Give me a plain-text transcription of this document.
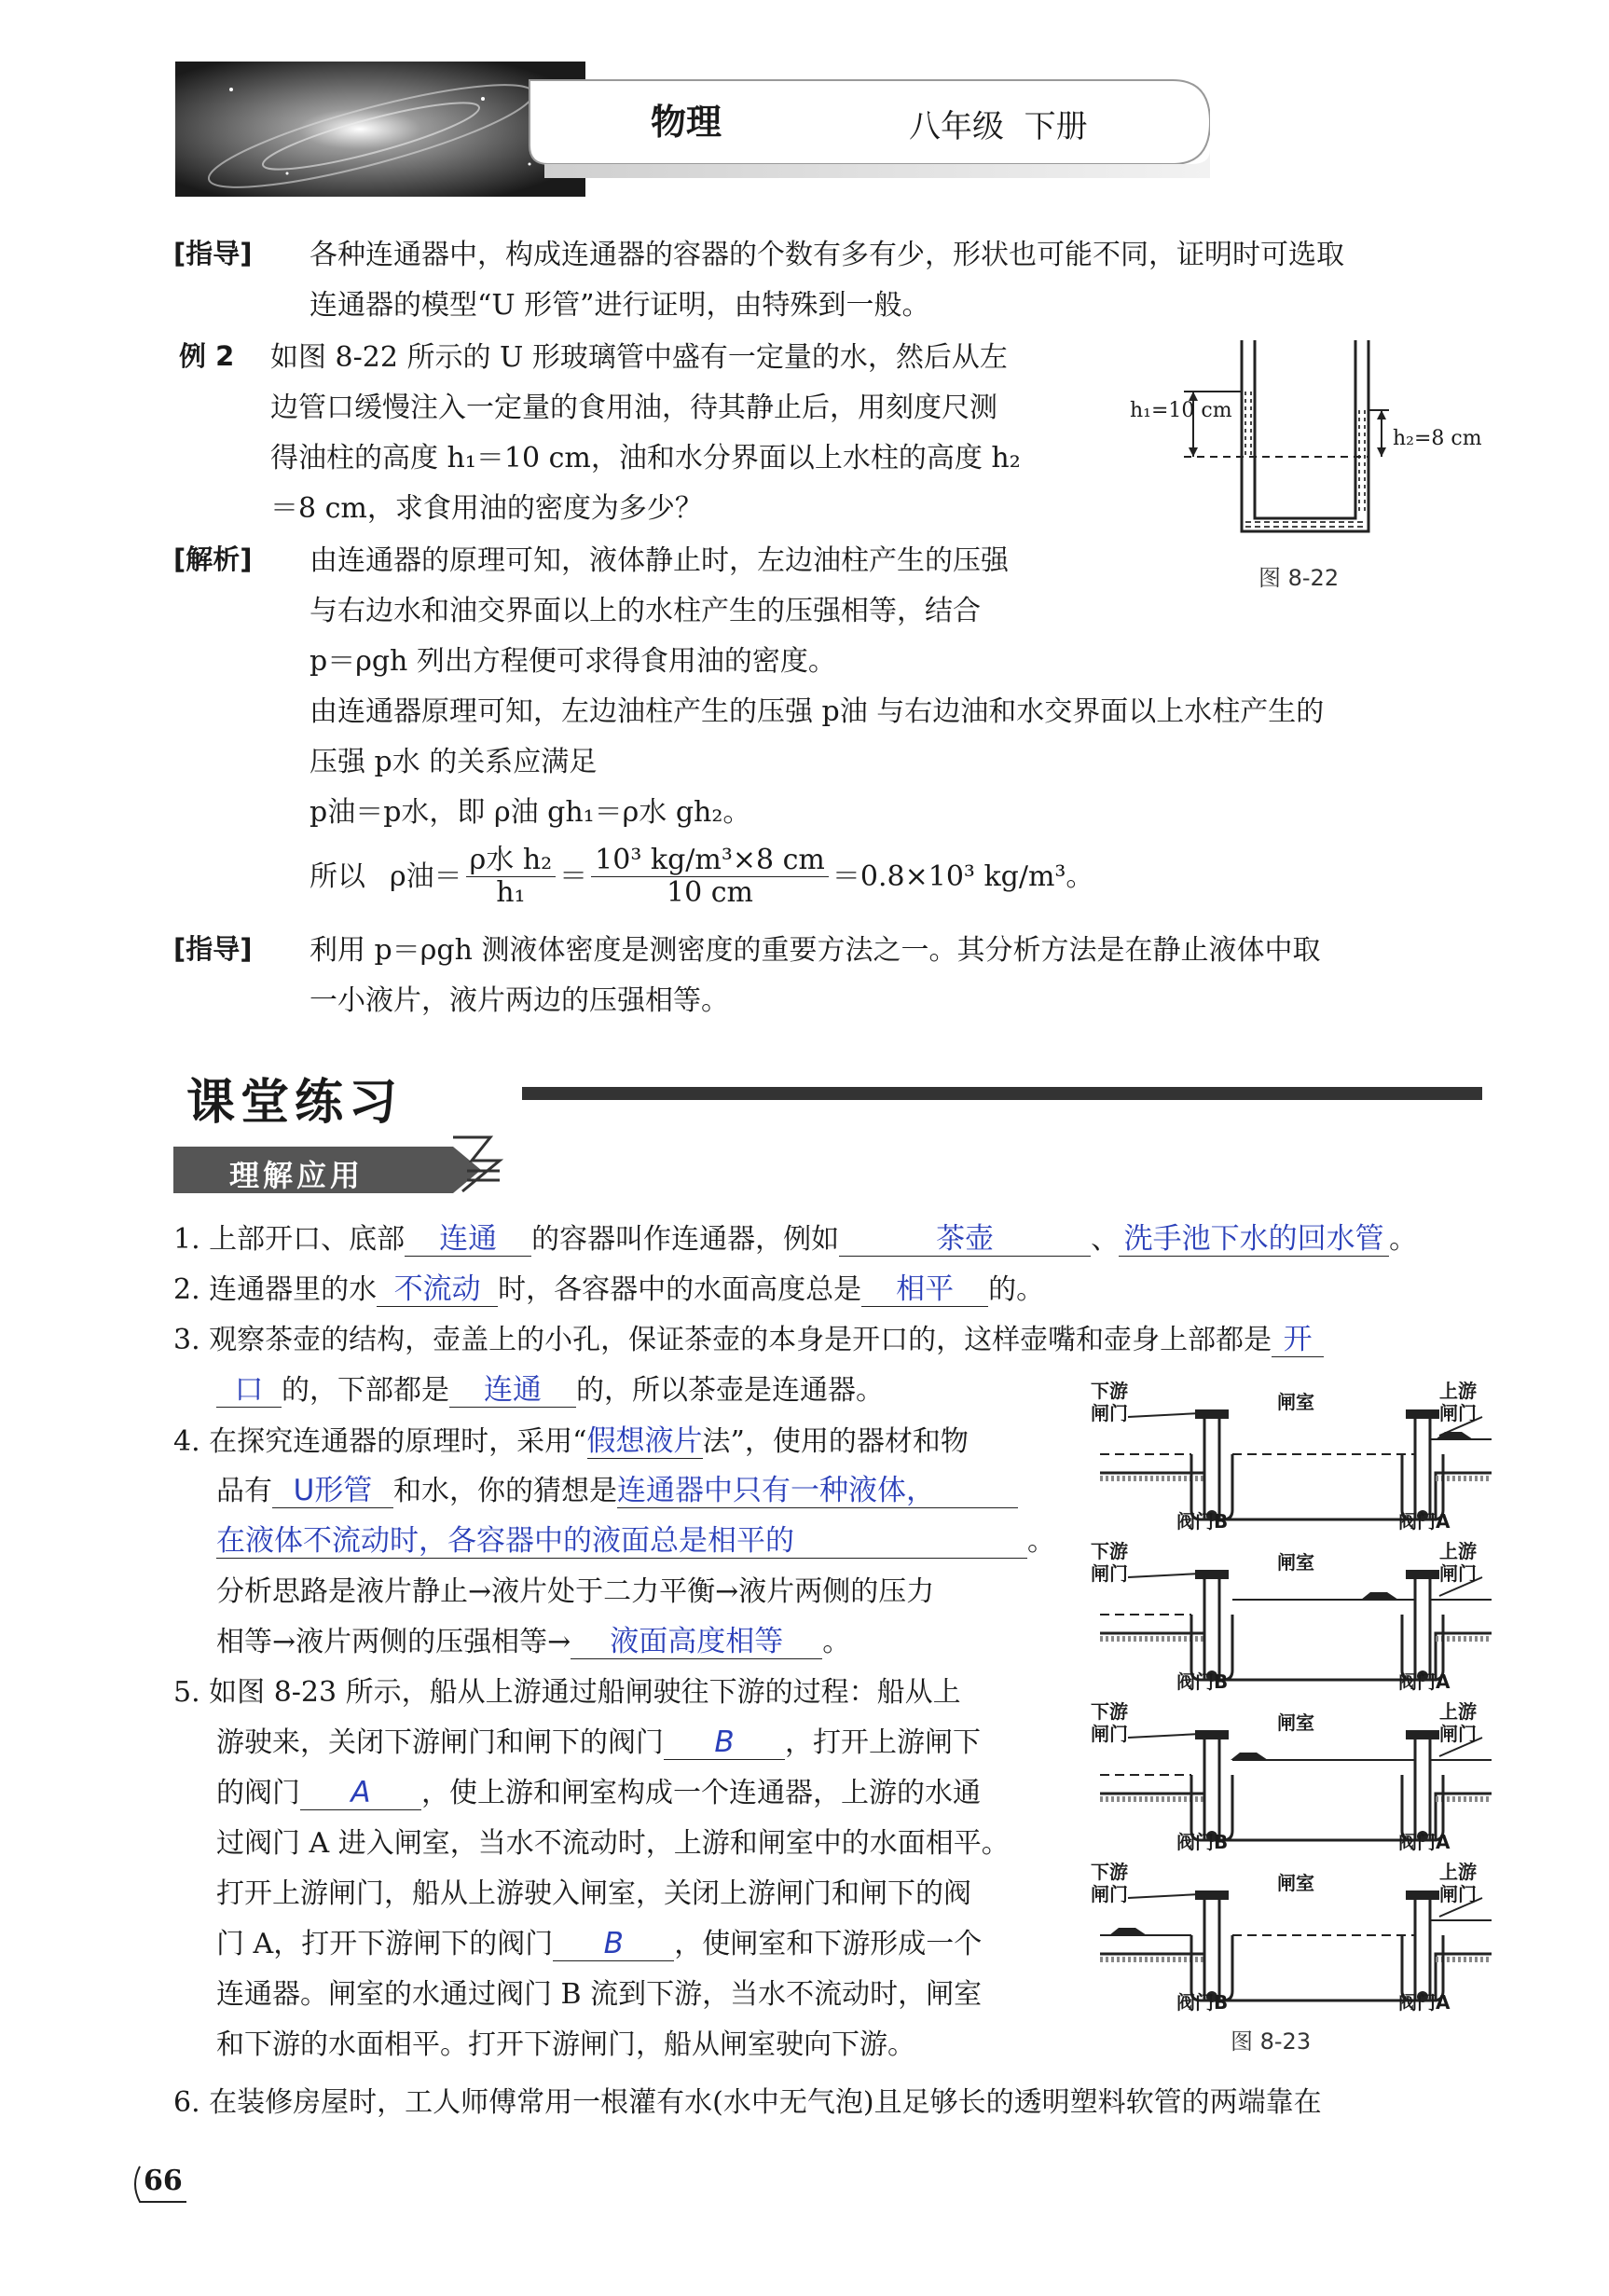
物理	八年级  下册
[指导] 各种连通器中，构成连通器的容器的个数有多有少，形状也可能不同，证明时可选取
连通器的模型“U 形管”进行证明，由特殊到一般。
例 2 如图 8-22 所示的 U 形玻璃管中盛有一定量的水，然后从左
边管口缓慢注入一定量的食用油，待其静止后，用刻度尺测
得油柱的高度 h₁＝10 cm，油和水分界面以上水柱的高度 h₂
＝8 cm，求食用油的密度为多少？
h₁=10 cm
h₂=8 cm
图 8-22
[解析] 由连通器的原理可知，液体静止时，左边油柱产生的压强
与右边水和油交界面以上的水柱产生的压强相等，结合
p＝ρgh 列出方程便可求得食用油的密度。
由连通器原理可知，左边油柱产生的压强 p油 与右边油和水交界面以上水柱产生的
压强 p水 的关系应满足
p油＝p水，即 ρ油 gh₁＝ρ水 gh₂。
所以 ρ油＝ $\frac{\text{ρ水 h₂}}{\text{h₁}} = \frac{\text{10³ kg/m³×8 cm}}{10 cm} =0.8\times 10^3$ kg/m³。
[指导] 利用 p＝ρgh 测液体密度是测密度的重要方法之一。其分析方法是在静止液体中取
一小液片，液片两边的压强相等。
课堂练习
理解应用
1. 上部开口、底部 连通 的容器叫作连通器，例如	茶壶	、 洗手池下水的回水管 。
2. 连通器里的水 不流动 时，各容器中的水面高度总是 相平 的。
3. 观察茶壶的结构，壶盖上的小孔，保证茶壶的本身是开口的，这样壶嘴和壶身上部都是 开
口 的，下部都是 连通 的，所以茶壶是连通器。
4. 在探究连通器的原理时，采用“假想液片法”，使用的器材和物
品有 U形管 和水，你的猜想是连通器中只有一种液体，
在液体不流动时，各容器中的液面总是相平的	。
分析思路是液片静止→液片处于二力平衡→液片两侧的压力
相等→液片两侧的压强相等→ 液面高度相等 。
5. 如图 8-23 所示，船从上游通过船闸驶往下游的过程：船从上
游驶来，关闭下游闸门和闸下的阀门 B ，打开上游闸下
的阀门 A ，使上游和闸室构成一个连通器，上游的水通
过阀门 A 进入闸室，当水不流动时，上游和闸室中的水面相平。
打开上游闸门，船从上游驶入闸室，关闭上游闸门和闸下的阀
门 A，打开下游闸下的阀门 B ，使闸室和下游形成一个
连通器。闸室的水通过阀门 B 流到下游，当水不流动时，闸室
和下游的水面相平。打开下游闸门，船从闸室驶向下游。
下游
闸门	闸室	上游
闸门
阀门B	阀门A
下游
闸门	闸室	上游
闸门
阀门B	阀门A
下游
闸门	闸室	上游
闸门
阀门B	阀门A
下游
闸门	闸室	上游
闸门
阀门B	阀门A
图 8-23
6. 在装修房屋时，工人师傅常用一根灌有水(水中无气泡)且足够长的透明塑料软管的两端靠在
66
